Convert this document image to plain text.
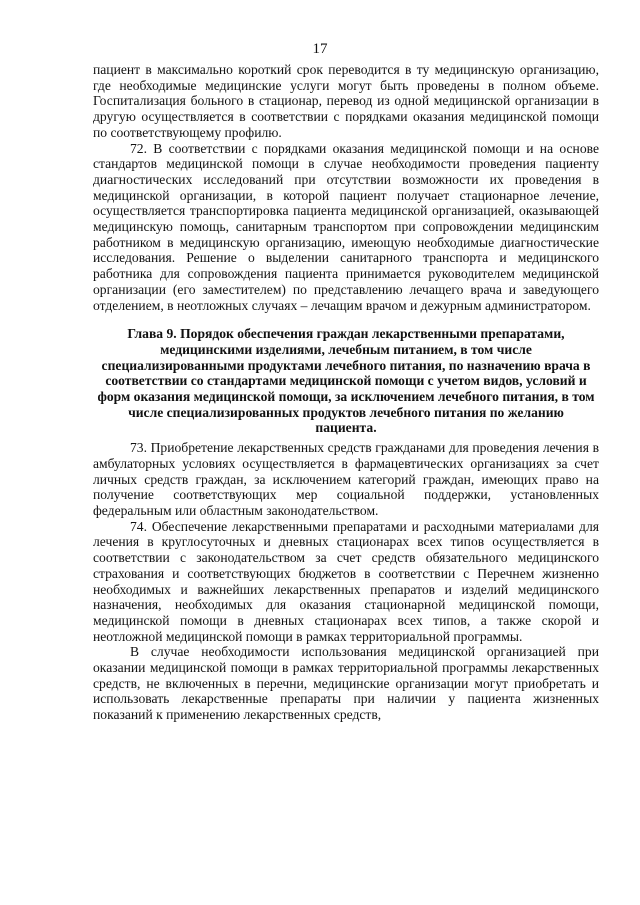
17

пациент в максимально короткий срок переводится в ту медицинскую организацию, где необходимые медицинские услуги могут быть проведены в полном объеме. Госпитализация больного в стационар, перевод из одной медицинской организации в другую осуществляется в соответствии с порядками оказания медицинской помощи по соответствующему профилю.

72. В соответствии с порядками оказания медицинской помощи и на основе стандартов медицинской помощи в случае необходимости проведения пациенту диагностических исследований при отсутствии возможности их проведения в медицинской организации, в которой пациент получает стационарное лечение, осуществляется транспортировка пациента медицинской организацией, оказывающей медицинскую помощь, санитарным транспортом при сопровождении медицинским работником в медицинскую организацию, имеющую необходимые диагностические исследования. Решение о выделении санитарного транспорта и медицинского работника для сопровождения пациента принимается руководителем медицинской организации (его заместителем) по представлению лечащего врача и заведующего отделением, в неотложных случаях – лечащим врачом и дежурным администратором.

Глава 9. Порядок обеспечения граждан лекарственными препаратами, медицинскими изделиями, лечебным питанием, в том числе специализированными продуктами лечебного питания, по назначению врача в соответствии со стандартами медицинской помощи с учетом видов, условий и форм оказания медицинской помощи, за исключением лечебного питания, в том числе специализированных продуктов лечебного питания по желанию пациента.

73. Приобретение лекарственных средств гражданами для проведения лечения в амбулаторных условиях осуществляется в фармацевтических организациях за счет личных средств граждан, за исключением категорий граждан, имеющих право на получение соответствующих мер социальной поддержки, установленных федеральным или областным законодательством.

74. Обеспечение лекарственными препаратами и расходными материалами для лечения в круглосуточных и дневных стационарах всех типов осуществляется в соответствии с законодательством за счет средств обязательного медицинского страхования и соответствующих бюджетов в соответствии с Перечнем жизненно необходимых и важнейших лекарственных препаратов и изделий медицинского назначения, необходимых для оказания стационарной медицинской помощи, медицинской помощи в дневных стационарах всех типов, а также скорой и неотложной медицинской помощи в рамках территориальной программы.

В случае необходимости использования медицинской организацией при оказании медицинской помощи в рамках территориальной программы лекарственных средств, не включенных в перечни, медицинские организации могут приобретать и использовать лекарственные препараты при наличии у пациента жизненных показаний к применению лекарственных средств,
